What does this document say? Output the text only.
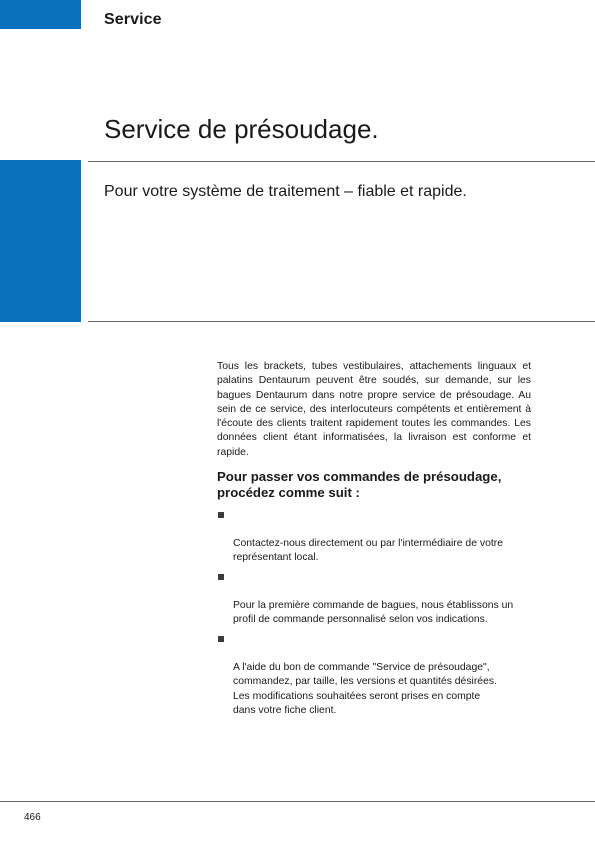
Service
Service de présoudage.
Pour votre système de traitement – fiable et rapide.

Tous les brackets, tubes vestibulaires, attachements linguaux et palatins Dentaurum peuvent être soudés, sur demande, sur les bagues Dentaurum dans notre propre service de présoudage. Au sein de ce service, des interlocuteurs compétents et entièrement à l'écoute des clients traitent rapidement toutes les commandes. Les données client étant informatisées, la livraison est conforme et rapide.

Pour passer vos commandes de présoudage, procédez comme suit :

Contactez-nous directement ou par l'intermédiaire de votre représentant local.

Pour la première commande de bagues, nous établissons un profil de commande personnalisé selon vos indications.

A l'aide du bon de commande "Service de présoudage", commandez, par taille, les versions et quantités désirées.
Les modifications souhaitées seront prises en compte
dans votre fiche client.

466
